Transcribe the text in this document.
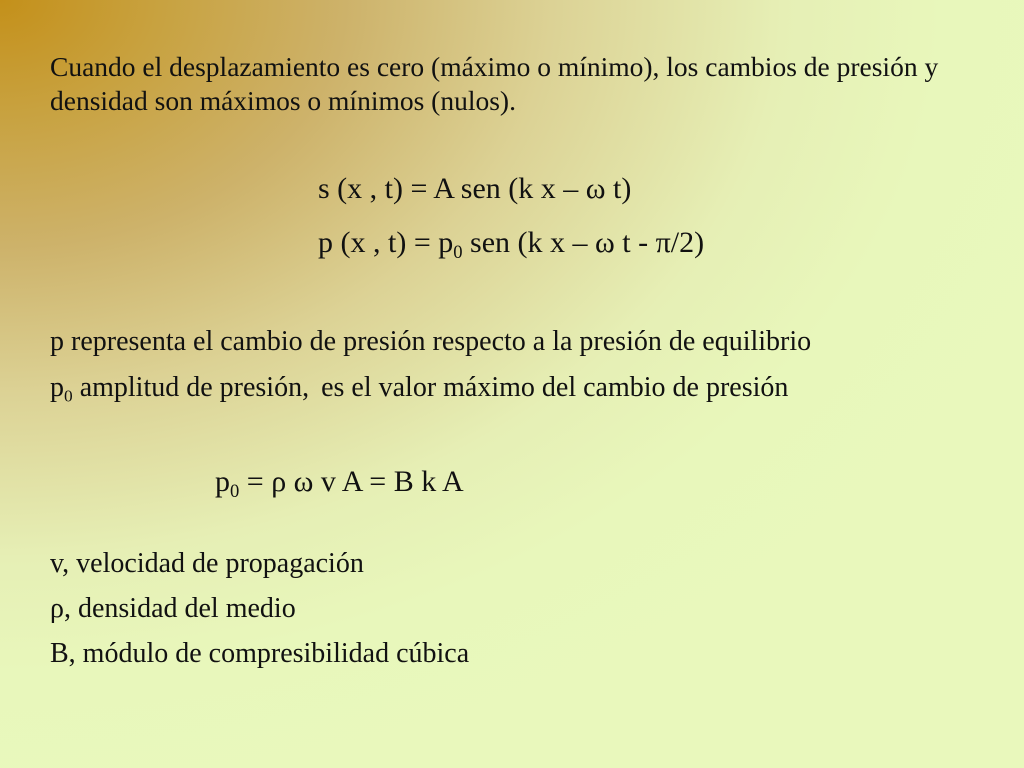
Cuando el desplazamiento es cero (máximo o mínimo), los cambios de presión y densidad son máximos o mínimos (nulos).
s (x , t) = A sen (k x – ω t)
p (x , $t) = p_0$ sen (k x – ω t - π/2)
p representa el cambio de presión respecto a la presión de equilibrio
$p_0$ amplitud de presión, es el valor máximo del cambio de presión
$p_0 = \rho$ ω v A = B k A
v, velocidad de propagación
ρ, densidad del medio
B, módulo de compresibilidad cúbica
